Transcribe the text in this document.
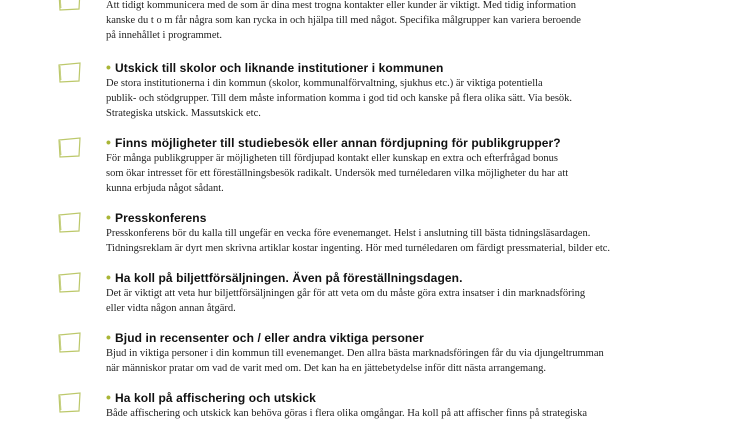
Att tidigt kommunicera med de som är dina mest trogna kontakter eller kunder är viktigt. Med tidig information
kanske du t o m får några som kan rycka in och hjälpa till med något. Specifika målgrupper kan variera beroende
på innehållet i programmet.
• Utskick till skolor och liknande institutioner i kommunen
De stora institutionerna i din kommun (skolor, kommunalförvaltning, sjukhus etc.) är viktiga potentiella
publik- och stödgrupper. Till dem måste information komma i god tid och kanske på flera olika sätt. Via besök.
Strategiska utskick. Massutskick etc.
• Finns möjligheter till studiebesök eller annan fördjupning för publikgrupper?
För många publikgrupper är möjligheten till fördjupad kontakt eller kunskap en extra och efterfrågad bonus
som ökar intresset för ett föreställningsbesök radikalt. Undersök med turnéledaren vilka möjligheter du har att
kunna erbjuda något sådant.
• Presskonferens
Presskonferens bör du kalla till ungefär en vecka före evenemanget. Helst i anslutning till bästa tidningsläsardagen.
Tidningsreklam är dyrt men skrivna artiklar kostar ingenting. Hör med turnéledaren om färdigt pressmaterial, bilder etc.
• Ha koll på biljettförsäljningen. Även på föreställningsdagen.
Det är viktigt att veta hur biljettförsäljningen går för att veta om du måste göra extra insatser i din marknadsföring
eller vidta någon annan åtgärd.
• Bjud in recensenter och / eller andra viktiga personer
Bjud in viktiga personer i din kommun till evenemanget. Den allra bästa marknadsföringen får du via djungeltrumman
när människor pratar om vad de varit med om. Det kan ha en jättebetydelse inför ditt nästa arrangemang.
• Ha koll på affischering och utskick
Både affischering och utskick kan behöva göras i flera olika omgångar. Ha koll på att affischer finns på strategiska
